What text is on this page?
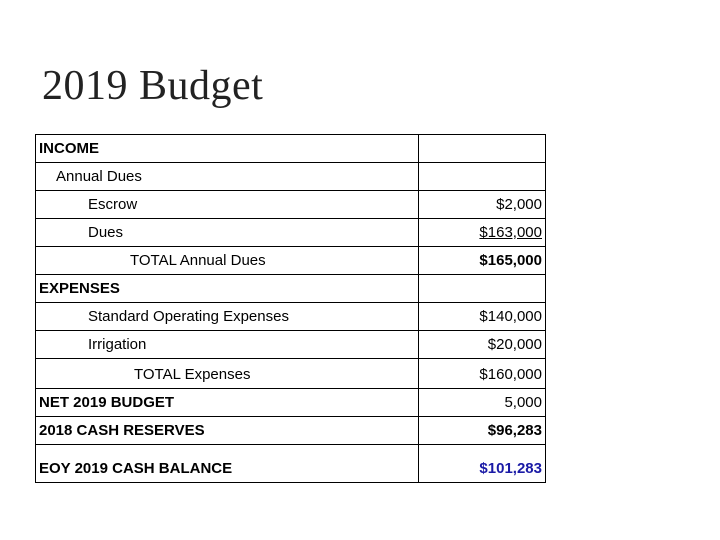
2019 Budget
INCOME	
Annual Dues	
Escrow	$2,000
Dues	$163,000
TOTAL Annual Dues	$165,000
EXPENSES	
Standard Operating Expenses	$140,000
Irrigation	$20,000
TOTAL Expenses	$160,000
NET 2019 BUDGET	5,000
2018 CASH RESERVES	$96,283
EOY 2019 CASH BALANCE	$101,283
